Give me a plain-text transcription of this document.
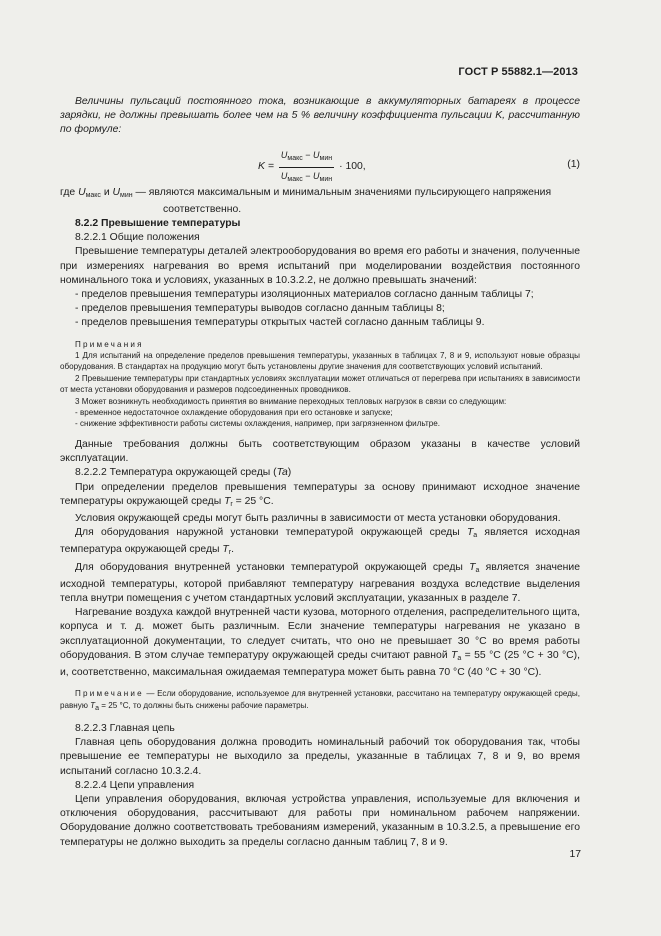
ГОСТ Р 55882.1—2013

Величины пульсаций постоянного тока, возникающие в аккумуляторных батареях в процессе зарядки, не должны превышать более чем на 5 % величину коэффициента пульсации K, рассчитанную по формуле:

$K = \frac{U_{макс} - U_{мин}}{U_{макс} - U_{мин}} \cdot 100$,	(1)

где $U_{макс}$ и $U_{мин}$ — являются максимальным и минимальным значениями пульсирующего напряжения

соответственно.

8.2.2 Превышение температуры

8.2.2.1 Общие положения

Превышение температуры деталей электрооборудования во время его работы и значения, полученные при измерениях нагревания во время испытаний при моделировании воздействия постоянного номинального тока и условиях, указанных в 10.3.2.2, не должно превышать значений:

- пределов превышения температуры изоляционных материалов согласно данным таблицы 7;

- пределов превышения температуры выводов согласно данным таблицы 8;

- пределов превышения температуры открытых частей согласно данным таблицы 9.

Примечания

1 Для испытаний на определение пределов превышения температуры, указанных в таблицах 7, 8 и 9, используют новые образцы оборудования. В стандартах на продукцию могут быть установлены другие значения для соответствующих условий испытаний.

2 Превышение температуры при стандартных условиях эксплуатации может отличаться от перегрева при испытаниях в зависимости от места установки оборудования и размеров подсоединенных проводников.

3 Может возникнуть необходимость принятия во внимание переходных тепловых нагрузок в связи со следующим:

- временное недостаточное охлаждение оборудования при его остановке и запуске;

- снижение эффективности работы системы охлаждения, например, при загрязненном фильтре.

Данные требования должны быть соответствующим образом указаны в качестве условий эксплуатации.

8.2.2.2 Температура окружающей среды (Ta)

При определении пределов превышения температуры за основу принимают исходное значение температуры окружающей среды $T_r = 25$ °C.

Условия окружающей среды могут быть различны в зависимости от места установки оборудования.

Для оборудования наружной установки температурой окружающей среды $T_a$ является исходная температура окружающей среды $T_r$.

Для оборудования внутренней установки температурой окружающей среды $T_a$ является значение исходной температуры, которой прибавляют температуру нагревания воздуха вследствие выделения тепла внутри помещения с учетом стандартных условий эксплуатации, указанных в разделе 7.

Нагревание воздуха каждой внутренней части кузова, моторного отделения, распределительного щита, корпуса и т. д. может быть различным. Если значение температуры нагревания не указано в эксплуатационной документации, то следует считать, что оно не превышает 30 °C во время работы оборудования. В этом случае температуру окружающей среды считают равной $T_a = 55$ °C (25 °C + 30 °C), и, соответственно, максимальная ожидаемая температура может быть равна 70 °C (40 °C + 30 °C).

Примечание — Если оборудование, используемое для внутренней установки, рассчитано на температуру окружающей среды, равную $T_a = 25$ °C, то должны быть снижены рабочие параметры.

8.2.2.3 Главная цепь

Главная цепь оборудования должна проводить номинальный рабочий ток оборудования так, чтобы превышение ее температуры не выходило за пределы, указанные в таблицах 7, 8 и 9, во время испытаний согласно 10.3.2.4.

8.2.2.4 Цепи управления

Цепи управления оборудования, включая устройства управления, используемые для включения и отключения оборудования, рассчитывают для работы при номинальном рабочем напряжении. Оборудование должно соответствовать требованиям измерений, указанным в 10.3.2.5, а превышение его температуры не должно выходить за пределы согласно данным таблиц 7, 8 и 9.

17
